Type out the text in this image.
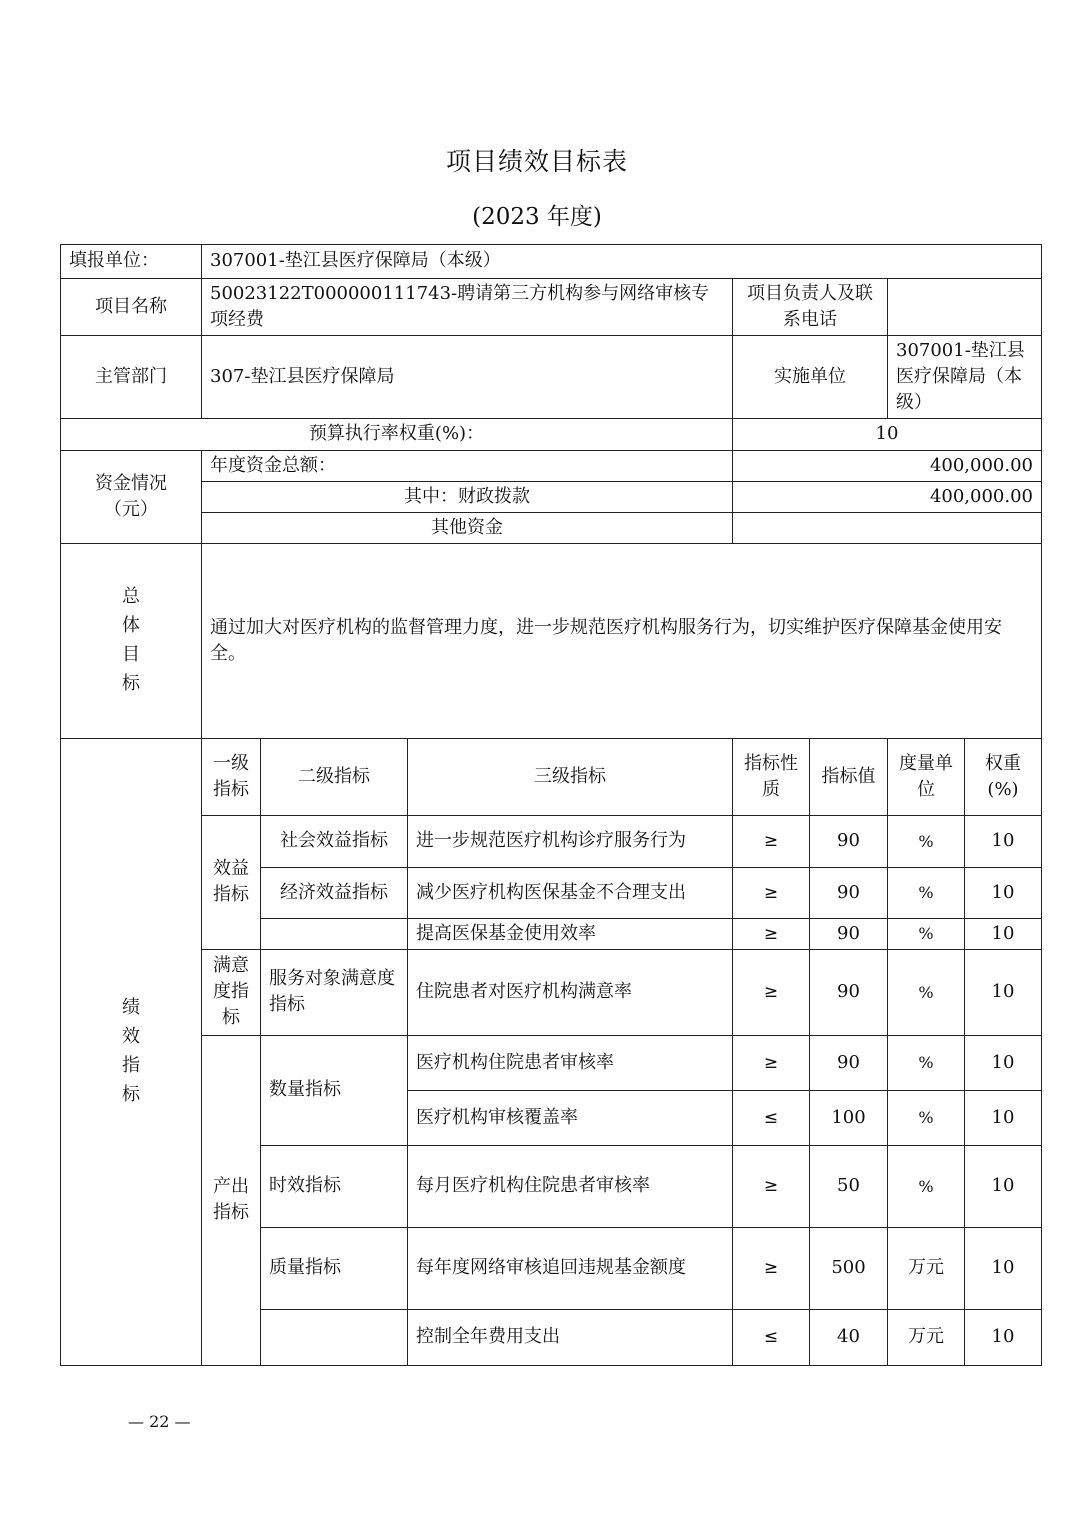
项目绩效目标表
(2023 年度)
填报单位：	307001-垫江县医疗保障局（本级）						
项目名称	50023122T000000111743-聘请第三方机构参与网络审核专项经费			项目负责人及联系电话			
主管部门	307-垫江县医疗保障局			实施单位		307001-垫江县医疗保障局（本级）	
预算执行率权重(%)：				10			

资金情况
（元）	年度资金总额：			400,000.00			
	其中：财政拨款			400,000.00			
	其他资金						

总
体
目
标	通过加大对医疗机构的监督管理力度，进一步规范医疗机构服务行为，切实维护医疗保障基金使用安全。						

绩
效
指
标	一级指标	二级指标	三级指标	指标性质	指标值	度量单位	权重(%)
	效益指标	社会效益指标	进一步规范医疗机构诊疗服务行为	≥	90	%	10
		经济效益指标	减少医疗机构医保基金不合理支出	≥	90	%	10
			提高医保基金使用效率	≥	90	%	10
	满意度指标	服务对象满意度指标	住院患者对医疗机构满意率	≥	90	%	10
	产出指标	数量指标	医疗机构住院患者审核率	≥	90	%	10
			医疗机构审核覆盖率	≤	100	%	10
		时效指标	每月医疗机构住院患者审核率	≥	50	%	10
		质量指标	每年度网络审核追回违规基金额度	≥	500	万元	10
			控制全年费用支出	≤	40	万元	10
— 22 —
